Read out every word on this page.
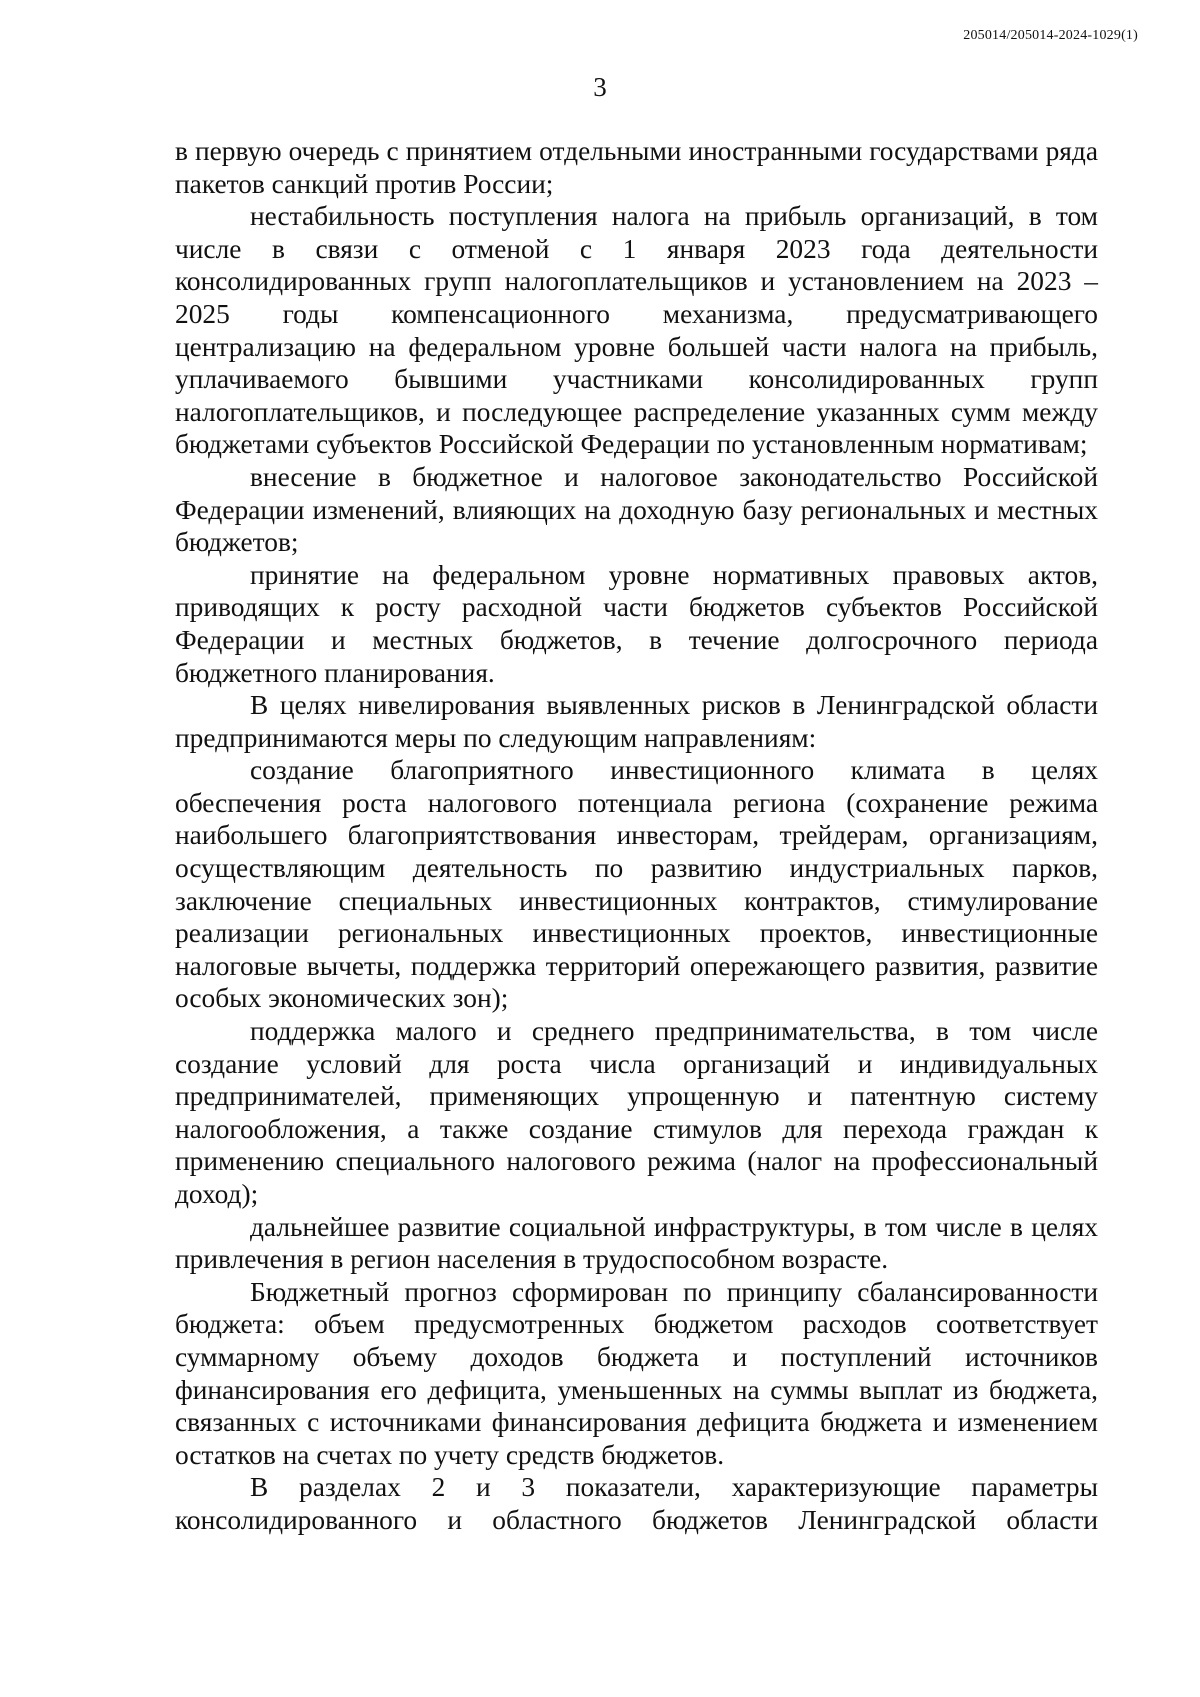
205014/205014-2024-1029(1)
3

в первую очередь с принятием отдельными иностранными государствами ряда пакетов санкций против России;

нестабильность поступления налога на прибыль организаций, в том числе в связи с отменой с 1 января 2023 года деятельности консолидированных групп налогоплательщиков и установлением на 2023 – 2025 годы компенсационного механизма, предусматривающего централизацию на федеральном уровне большей части налога на прибыль, уплачиваемого бывшими участниками консолидированных групп налогоплательщиков, и последующее распределение указанных сумм между бюджетами субъектов Российской Федерации по установленным нормативам;

внесение в бюджетное и налоговое законодательство Российской Федерации изменений, влияющих на доходную базу региональных и местных бюджетов;

принятие на федеральном уровне нормативных правовых актов, приводящих к росту расходной части бюджетов субъектов Российской Федерации и местных бюджетов, в течение долгосрочного периода бюджетного планирования.

В целях нивелирования выявленных рисков в Ленинградской области предпринимаются меры по следующим направлениям:

создание благоприятного инвестиционного климата в целях обеспечения роста налогового потенциала региона (сохранение режима наибольшего благоприятствования инвесторам, трейдерам, организациям, осуществляющим деятельность по развитию индустриальных парков, заключение специальных инвестиционных контрактов, стимулирование реализации региональных инвестиционных проектов, инвестиционные налоговые вычеты, поддержка территорий опережающего развития, развитие особых экономических зон);

поддержка малого и среднего предпринимательства, в том числе создание условий для роста числа организаций и индивидуальных предпринимателей, применяющих упрощенную и патентную систему налогообложения, а также создание стимулов для перехода граждан к применению специального налогового режима (налог на профессиональный доход);

дальнейшее развитие социальной инфраструктуры, в том числе в целях привлечения в регион населения в трудоспособном возрасте.

Бюджетный прогноз сформирован по принципу сбалансированности бюджета: объем предусмотренных бюджетом расходов соответствует суммарному объему доходов бюджета и поступлений источников финансирования его дефицита, уменьшенных на суммы выплат из бюджета, связанных с источниками финансирования дефицита бюджета и изменением остатков на счетах по учету средств бюджетов.

В разделах 2 и 3 показатели, характеризующие параметры консолидированного и областного бюджетов Ленинградской области
